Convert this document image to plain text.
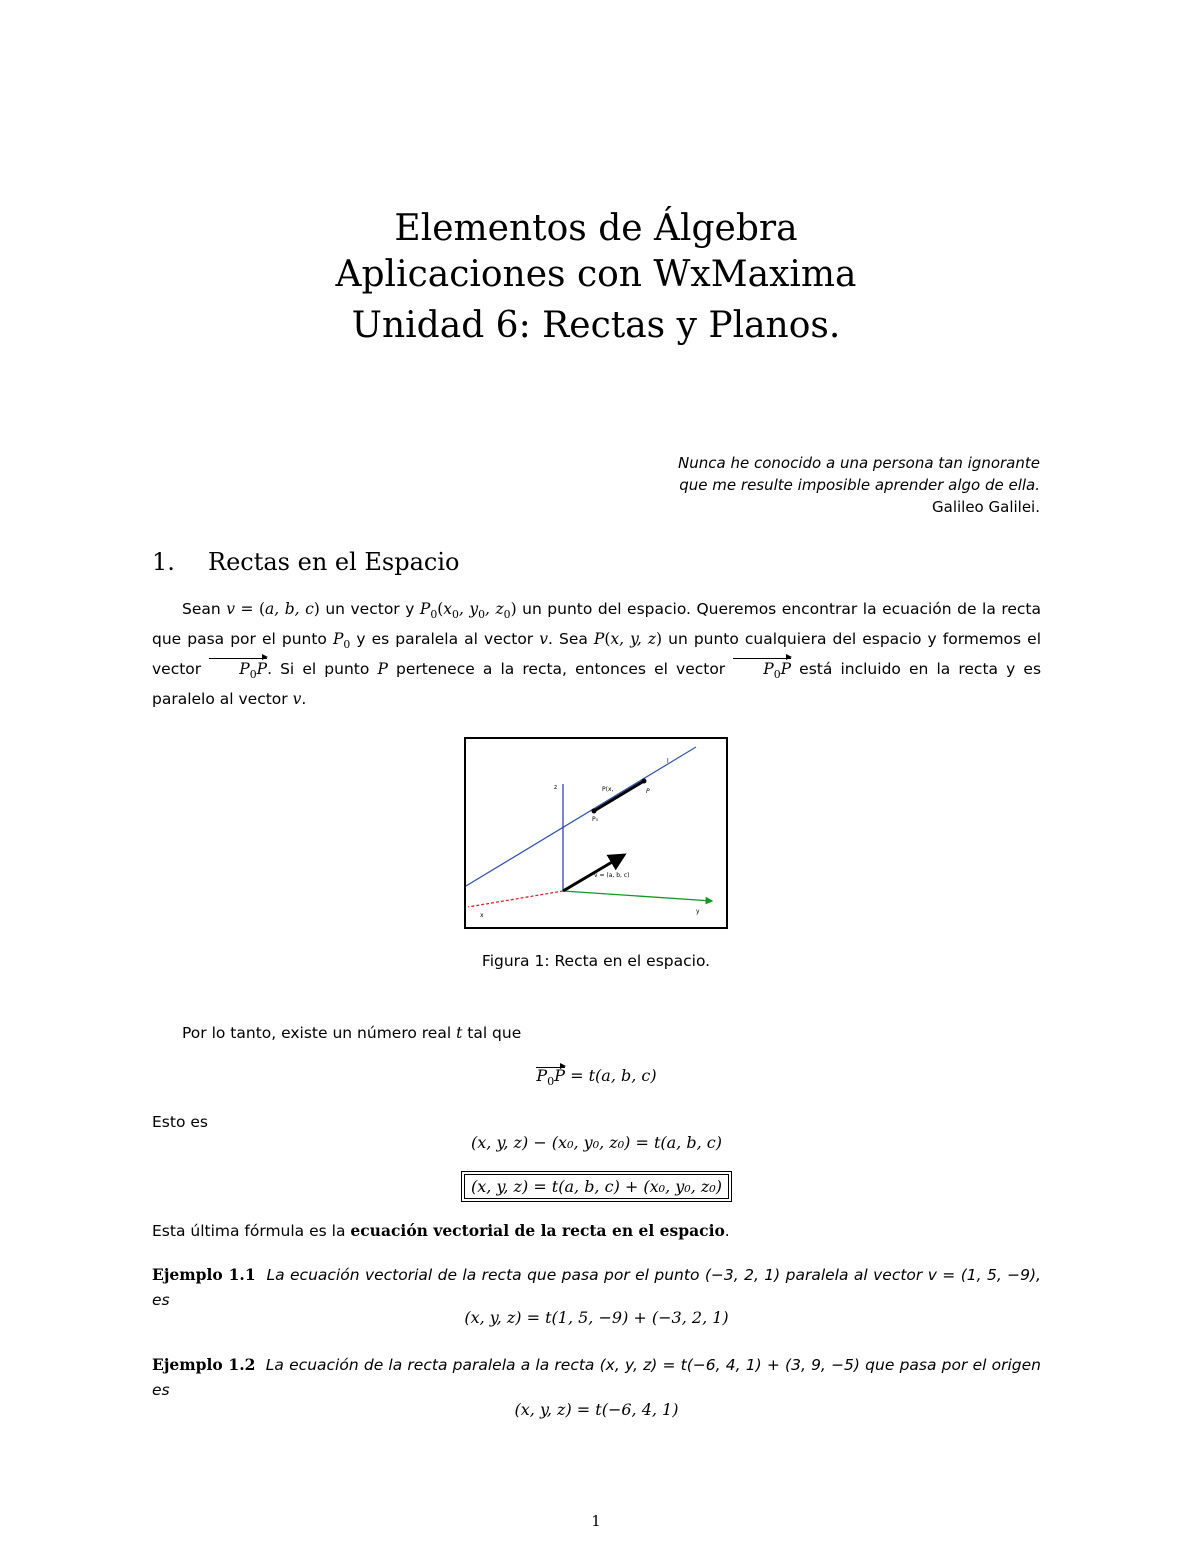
Elementos de Álgebra
Aplicaciones con WxMaxima
Unidad 6: Rectas y Planos.
Nunca he conocido a una persona tan ignorante
que me resulte imposible aprender algo de ella.
Galileo Galilei.
1. Rectas en el Espacio
Sean v = (a, b, c) un vector y $P_0(x_0$, $y_0$, $z_0$) un punto del espacio. Queremos encontrar la ecuación de la recta que pasa por el punto $P_0$ y es paralela al vector v. Sea P(x, y, z) un punto cualquiera del espacio y formemos el vector $P_0P$. Si el punto P pertenece a la recta, entonces el vector $P_0P$ está incluido en la recta y es paralelo al vector v.
z
l
P(x,	P
P₀
v = (a, b, c)
x
y
Figura 1: Recta en el espacio.
Por lo tanto, existe un número real t tal que
$P_0P = t(a$, b, c)
Esto es
(x, y, z) − (x₀, y₀, z₀) = t(a, b, c)
(x, y, z) = t(a, b, c) + (x₀, y₀, z₀)
Esta última fórmula es la ecuación vectorial de la recta en el espacio.
Ejemplo 1.1 La ecuación vectorial de la recta que pasa por el punto (−3, 2, 1) paralela al vector v = (1, 5, −9), es
(x, y, z) = t(1, 5, −9) + (−3, 2, 1)
Ejemplo 1.2 La ecuación de la recta paralela a la recta (x, y, z) = t(−6, 4, 1) + (3, 9, −5) que pasa por el origen es
(x, y, z) = t(−6, 4, 1)
1
